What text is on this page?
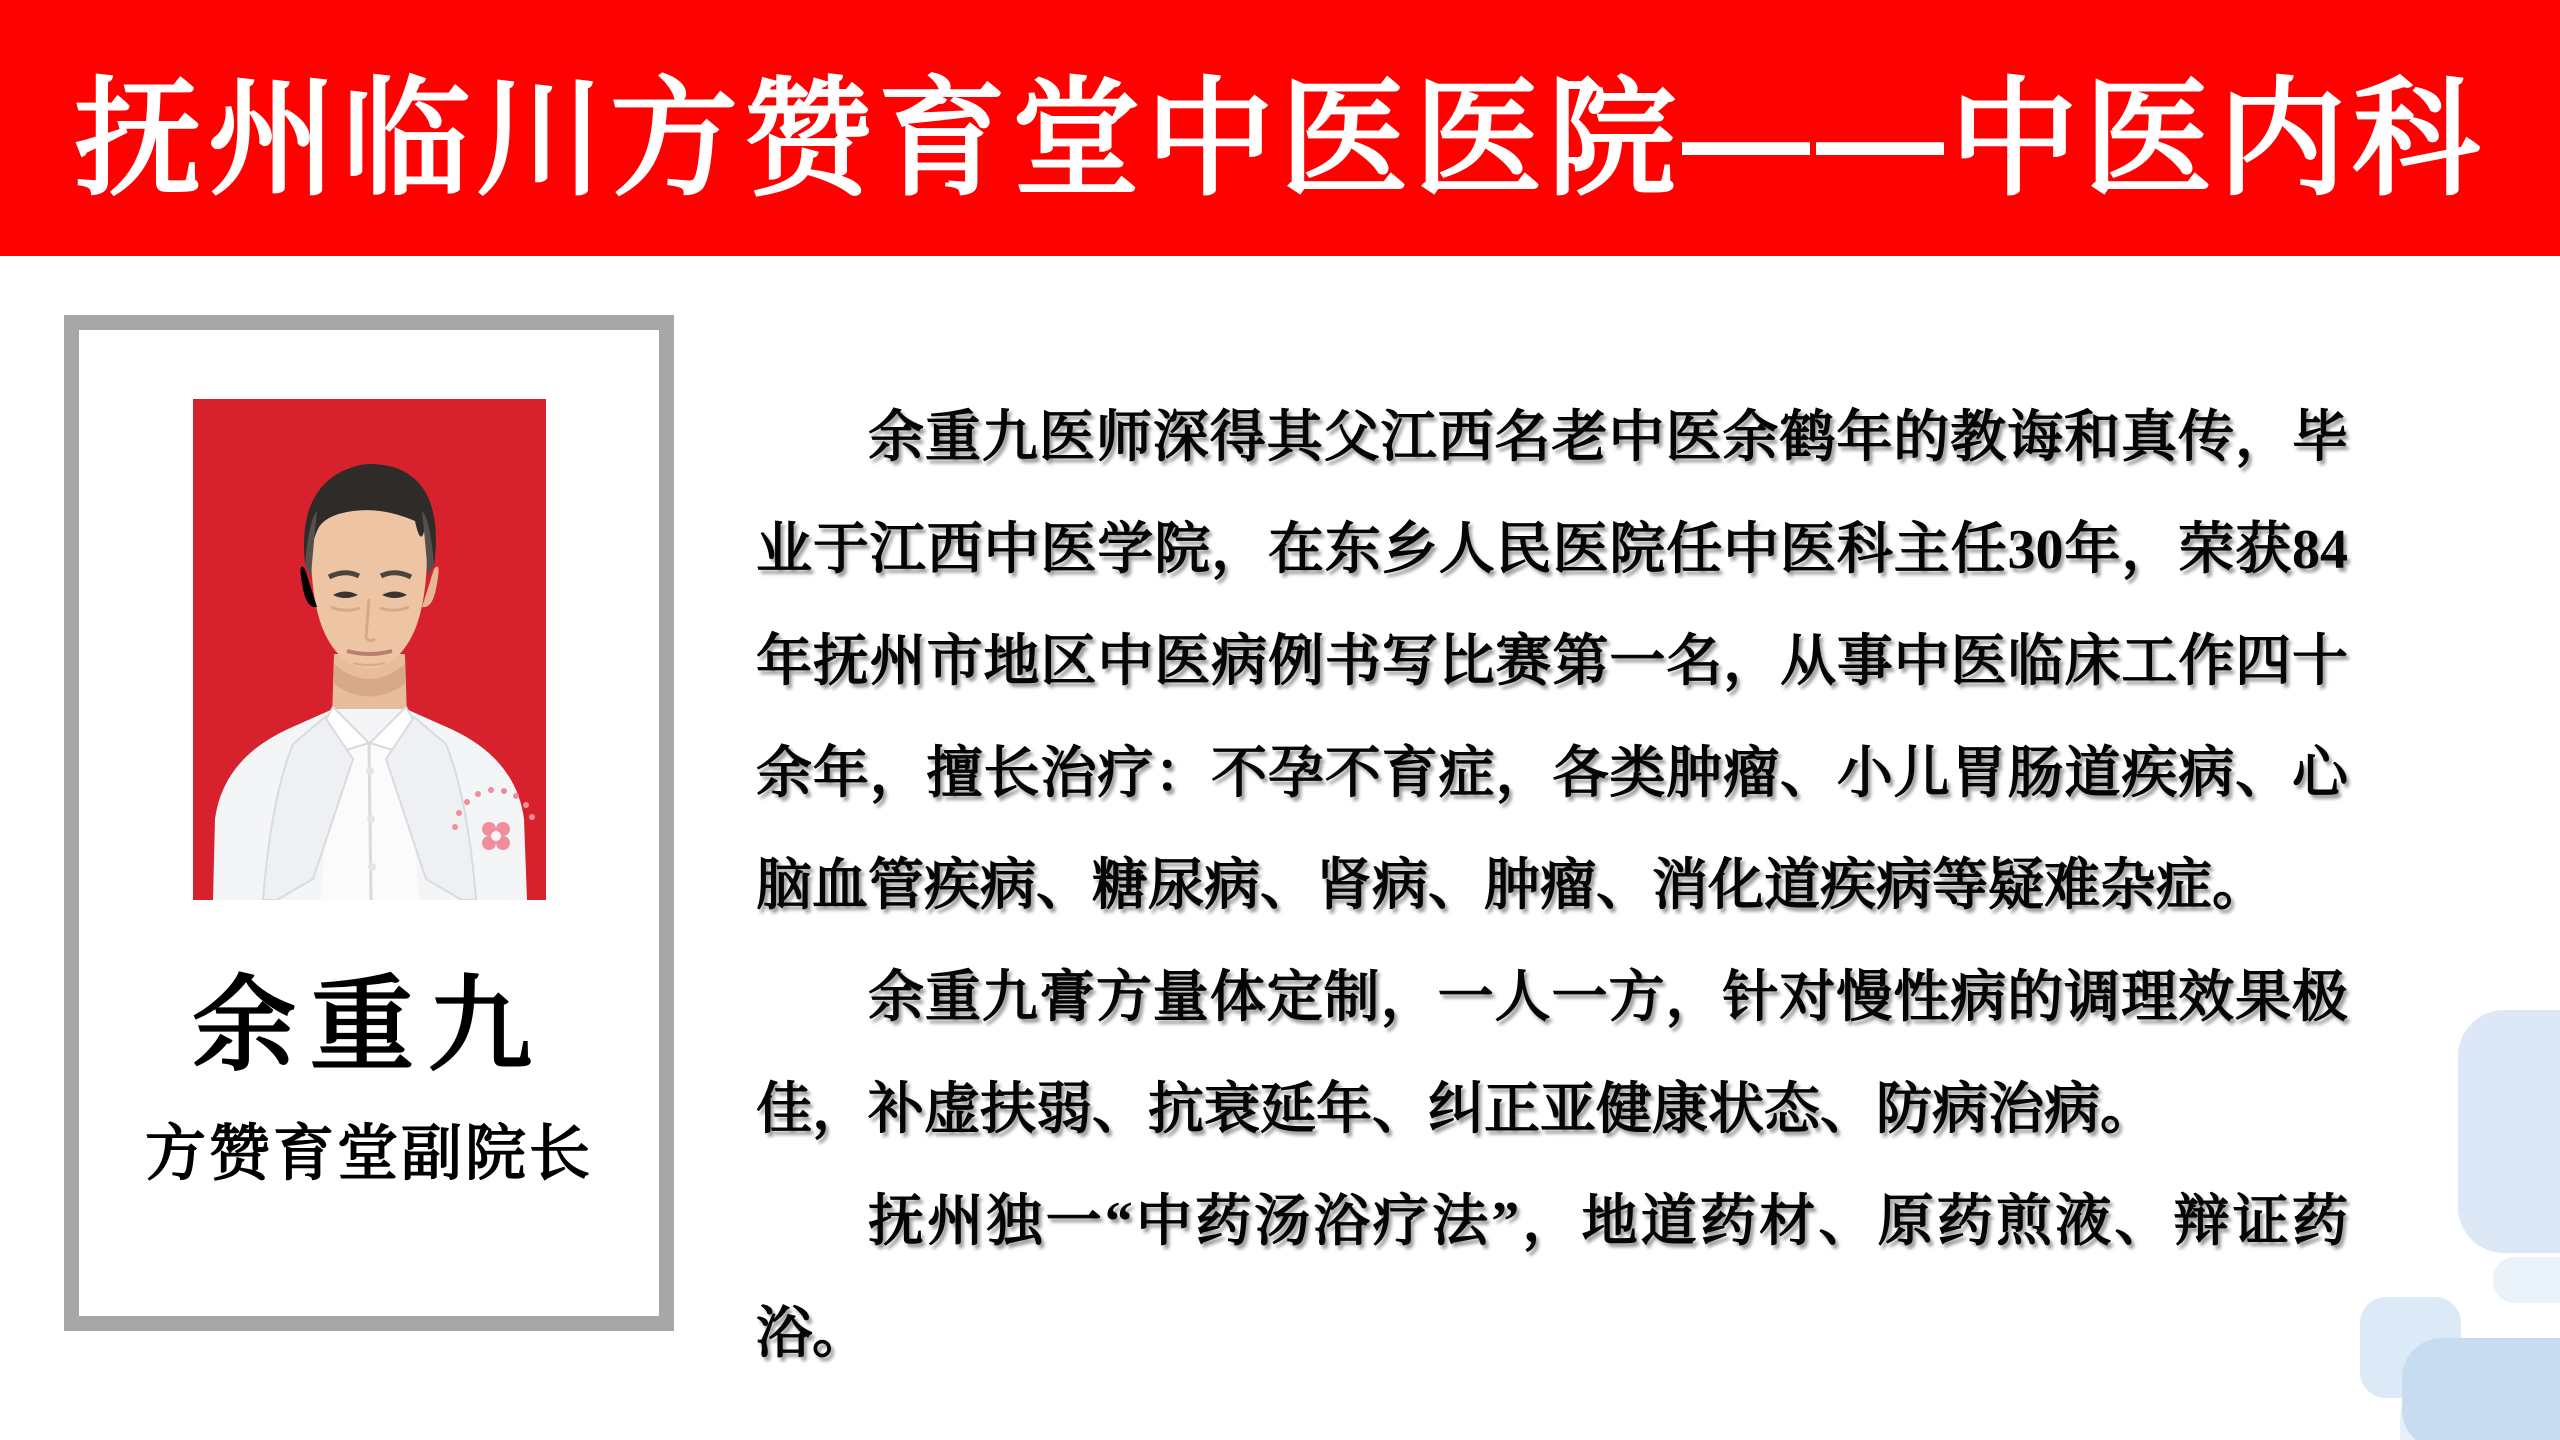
抚州临川方赞育堂中医医院——中医内科
余重九
方赞育堂副院长

余重九医师深得其父江西名老中医余鹤年的教诲和真传，毕业于江西中医学院，在东乡人民医院任中医科主任30年，荣获84年抚州市地区中医病例书写比赛第一名，从事中医临床工作四十余年，擅长治疗：不孕不育症，各类肿瘤、小儿胃肠道疾病、心脑血管疾病、糖尿病、肾病、肿瘤、消化道疾病等疑难杂症。

余重九膏方量体定制，一人一方，针对慢性病的调理效果极佳，补虚扶弱、抗衰延年、纠正亚健康状态、防病治病。

抚州独一“中药汤浴疗法”，地道药材、原药煎液、辩证药浴。
